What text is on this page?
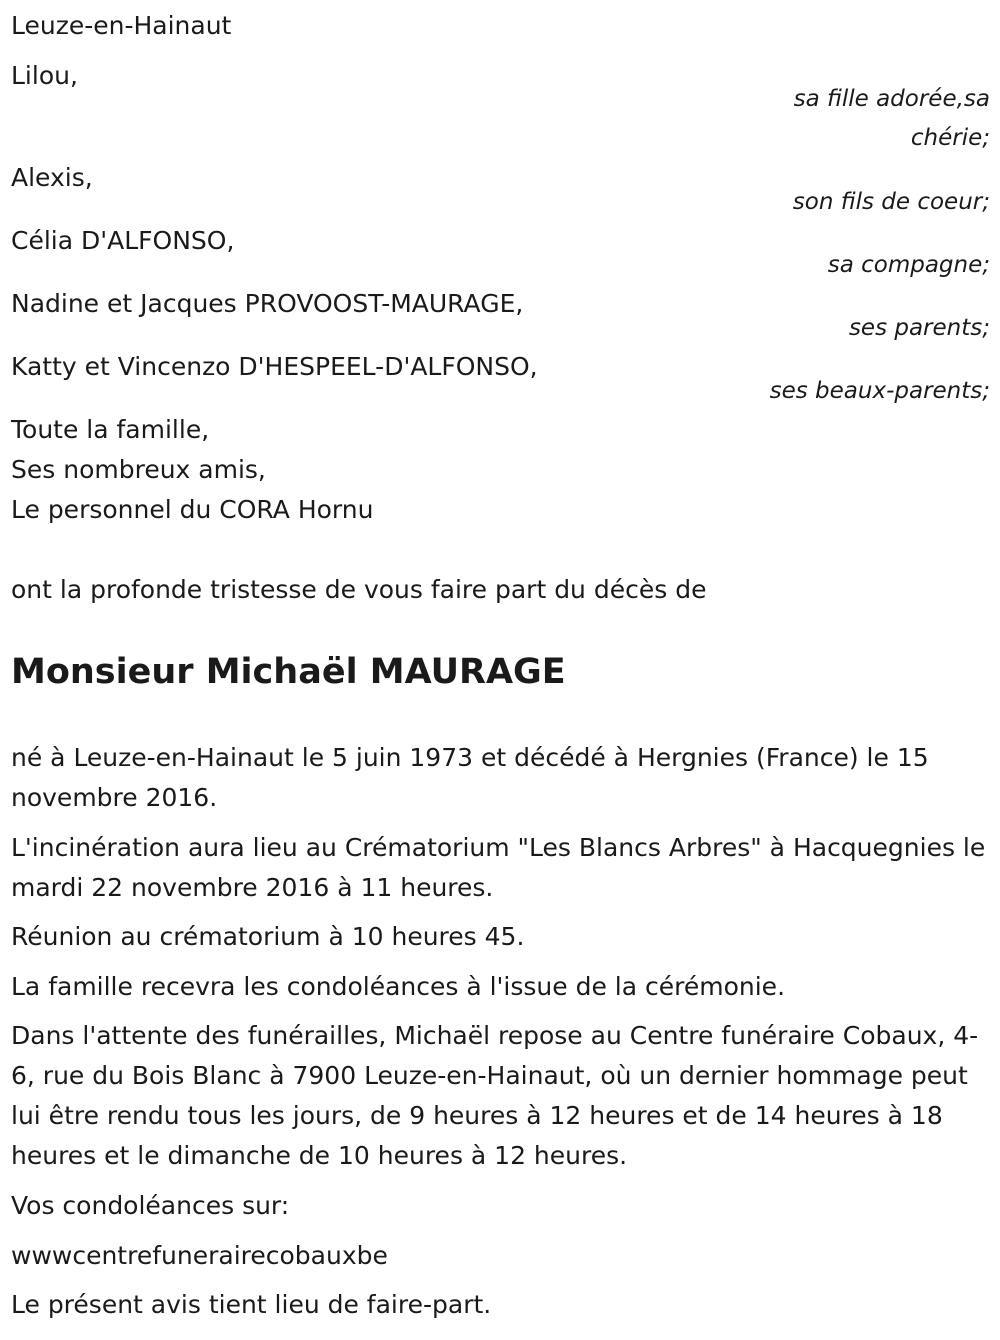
Leuze-en-Hainaut
Lilou,
sa fille adorée,sa
chérie;
Alexis,
son fils de coeur;
Célia D'ALFONSO,
sa compagne;
Nadine et Jacques PROVOOST-MAURAGE,
ses parents;
Katty et Vincenzo D'HESPEEL-D'ALFONSO,
ses beaux-parents;
Toute la famille,
Ses nombreux amis,
Le personnel du CORA Hornu
ont la profonde tristesse de vous faire part du décès de
Monsieur Michaël MAURAGE
né à Leuze-en-Hainaut le 5 juin 1973 et décédé à Hergnies (France) le 15 novembre 2016.
L'incinération aura lieu au Crématorium "Les Blancs Arbres" à Hacquegnies le mardi 22 novembre 2016 à 11 heures.
Réunion au crématorium à 10 heures 45.
La famille recevra les condoléances à l'issue de la cérémonie.
Dans l'attente des funérailles, Michaël repose au Centre funéraire Cobaux, 4-6, rue du Bois Blanc à 7900 Leuze-en-Hainaut, où un dernier hommage peut lui être rendu tous les jours, de 9 heures à 12 heures et de 14 heures à 18 heures et le dimanche de 10 heures à 12 heures.
Vos condoléances sur:
wwwcentrefunerairecobauxbe
Le présent avis tient lieu de faire-part.
